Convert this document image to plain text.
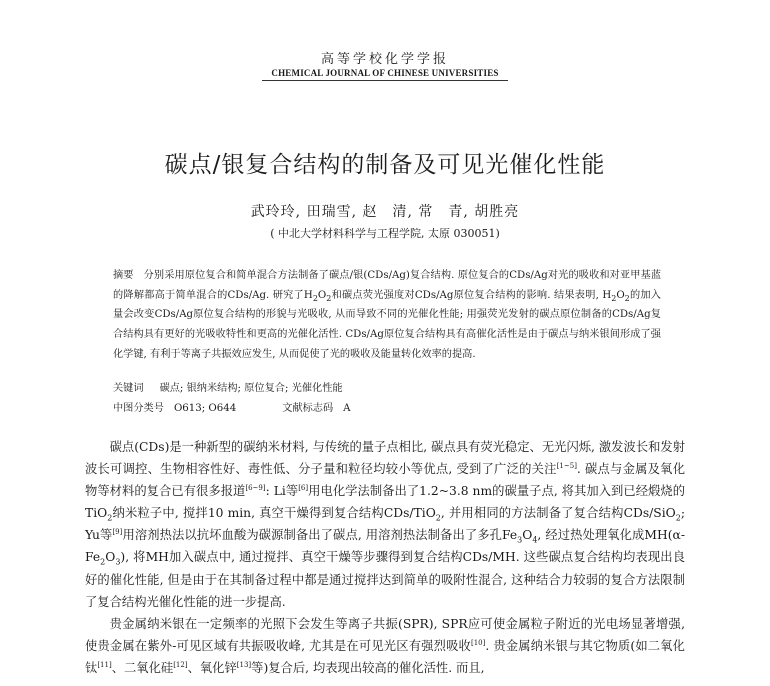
高等学校化学学报
CHEMICAL JOURNAL OF CHINESE UNIVERSITIES
碳点/银复合结构的制备及可见光催化性能
武玲玲, 田瑞雪, 赵　清, 常　青, 胡胜亮
( 中北大学材料科学与工程学院, 太原 030051)
摘要 分别采用原位复合和简单混合方法制备了碳点/银(CDs/Ag)复合结构. 原位复合的CDs/Ag对光的吸收和对亚甲基蓝的降解都高于简单混合的CDs/Ag. 研究了$H_2O_2$和碳点荧光强度对CDs/Ag原位复合结构的影响. 结果表明, $H_2O_2$的加入量会改变CDs/Ag原位复合结构的形貌与光吸收, 从而导致不同的光催化性能; 用强荧光发射的碳点原位制备的CDs/Ag复合结构具有更好的光吸收特性和更高的光催化活性. CDs/Ag原位复合结构具有高催化活性是由于碳点与纳米银间形成了强化学键, 有利于等离子共振效应发生, 从而促使了光的吸收及能量转化效率的提高.
关键词 碳点; 银纳米结构; 原位复合; 光催化性能
中图分类号 O613; O644	文献标志码 A

碳点(CDs)是一种新型的碳纳米材料, 与传统的量子点相比, 碳点具有荧光稳定、无光闪烁, 激发波长和发射波长可调控、生物相容性好、毒性低、分子量和粒径均较小等优点, 受到了广泛的关注[1~5]. 碳点与金属及氧化物等材料的复合已有很多报道[6~9]: Li等[6]用电化学法制备出了1.2~3.8 nm的碳量子点, 将其加入到已经煅烧的TiO$_2$纳米粒子中, 搅拌10 min, 真空干燥得到复合结构CDs/TiO$_2$, 并用相同的方法制备了复合结构CDs/SiO$_2$; Yu等[9]用溶剂热法以抗坏血酸为碳源制备出了碳点, 用溶剂热法制备出了多孔$Fe_3O_4$, 经过热处理氧化成$MH(\alpha-Fe_2O_3)$, 将MH加入碳点中, 通过搅拌、真空干燥等步骤得到复合结构CDs/MH. 这些碳点复合结构均表现出良好的催化性能, 但是由于在其制备过程中都是通过搅拌达到简单的吸附性混合, 这种结合力较弱的复合方法限制了复合结构光催化性能的进一步提高.

贵金属纳米银在一定频率的光照下会发生等离子共振(SPR), SPR应可使金属粒子附近的光电场显著增强, 使贵金属在紫外-可见区域有共振吸收峰, 尤其是在可见光区有强烈吸收[10]. 贵金属纳米银与其它物质(如二氧化钛[11]、二氧化硅[12]、氧化锌[13]等)复合后, 均表现出较高的催化活性. 而且,
